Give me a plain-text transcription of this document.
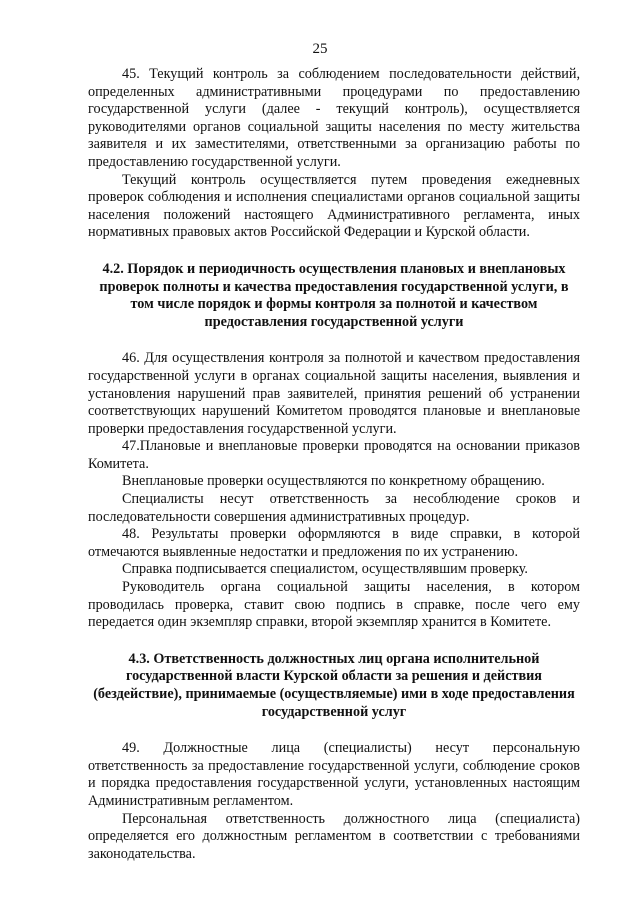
25

45. Текущий контроль за соблюдением последовательности действий, определенных административными процедурами по предоставлению государственной услуги (далее - текущий контроль), осуществляется руководителями органов социальной защиты населения по месту жительства заявителя и их заместителями, ответственными за организацию работы по предоставлению государственной услуги.

Текущий контроль осуществляется путем проведения ежедневных проверок соблюдения и исполнения специалистами органов социальной защиты населения положений настоящего Административного регламента, иных нормативных правовых актов Российской Федерации и Курской области.

4.2. Порядок и периодичность осуществления плановых и внеплановых проверок полноты и качества предоставления государственной услуги, в том числе порядок и формы контроля за полнотой и качеством предоставления государственной услуги

46. Для осуществления контроля за полнотой и качеством предоставления государственной услуги в органах социальной защиты населения, выявления и установления нарушений прав заявителей, принятия решений об устранении соответствующих нарушений Комитетом проводятся плановые и внеплановые проверки предоставления государственной услуги.

47.Плановые и внеплановые проверки проводятся на основании приказов Комитета.

Внеплановые проверки осуществляются по конкретному обращению.

Специалисты несут ответственность за несоблюдение сроков и последовательности совершения административных процедур.

48. Результаты проверки оформляются в виде справки, в которой отмечаются выявленные недостатки и предложения по их устранению.

Справка подписывается специалистом, осуществлявшим проверку.

Руководитель органа социальной защиты населения, в котором проводилась проверка, ставит свою подпись в справке, после чего ему передается один экземпляр справки, второй экземпляр хранится в Комитете.

4.3. Ответственность должностных лиц органа исполнительной государственной власти Курской области за решения и действия (бездействие), принимаемые (осуществляемые) ими в ходе предоставления государственной услуг

49. Должностные лица (специалисты) несут персональную ответственность за предоставление государственной услуги, соблюдение сроков и порядка предоставления государственной услуги, установленных настоящим Административным регламентом.

Персональная ответственность должностного лица (специалиста) определяется его должностным регламентом в соответствии с требованиями законодательства.
